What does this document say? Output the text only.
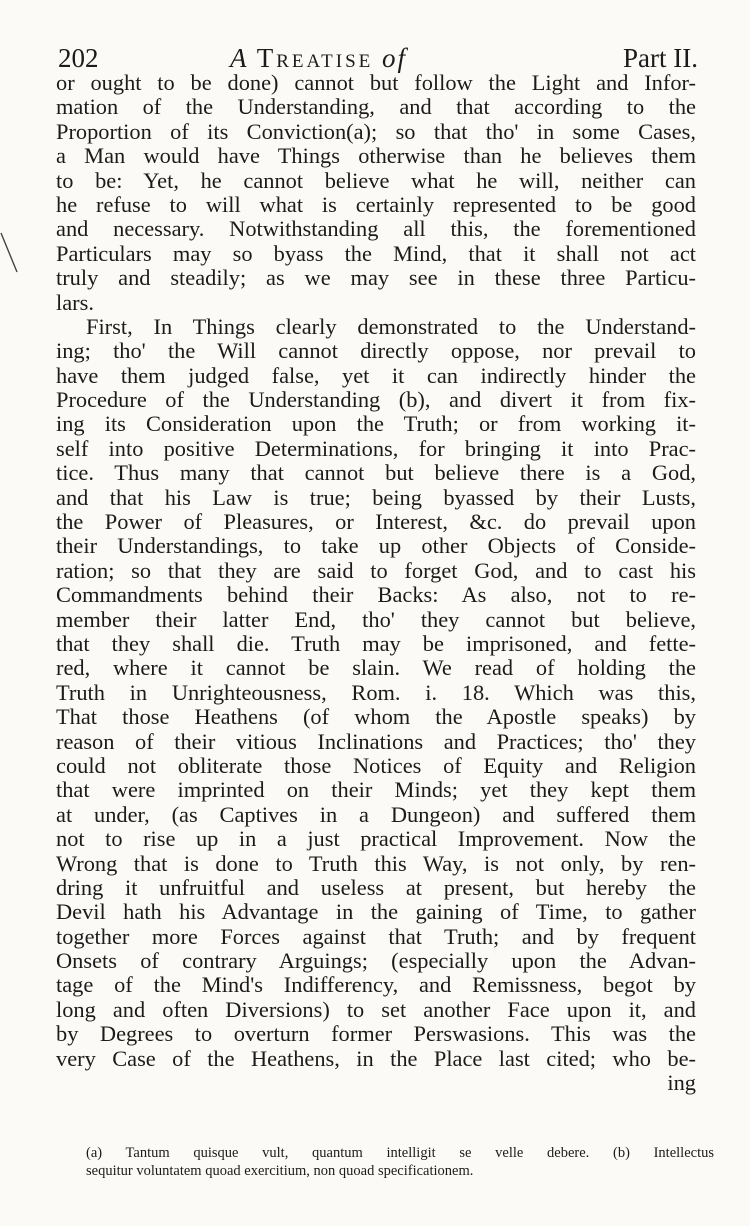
202	A Treatise of	Part II.
or ought to be done) cannot but follow the Light and Infor-
mation of the Understanding, and that according to the
Proportion of its Conviction(a); so that tho' in some Cases,
a Man would have Things otherwise than he believes them
to be: Yet, he cannot believe what he will, neither can
he refuse to will what is certainly represented to be good
and necessary. Notwithstanding all this, the forementioned
Particulars may so byass the Mind, that it shall not act
truly and steadily; as we may see in these three Particu-
lars.
First, In Things clearly demonstrated to the Understand-
ing; tho' the Will cannot directly oppose, nor prevail to
have them judged false, yet it can indirectly hinder the
Procedure of the Understanding (b), and divert it from fix-
ing its Consideration upon the Truth; or from working it-
self into positive Determinations, for bringing it into Prac-
tice. Thus many that cannot but believe there is a God,
and that his Law is true; being byassed by their Lusts,
the Power of Pleasures, or Interest, &c. do prevail upon
their Understandings, to take up other Objects of Conside-
ration; so that they are said to forget God, and to cast his
Commandments behind their Backs: As also, not to re-
member their latter End, tho' they cannot but believe,
that they shall die. Truth may be imprisoned, and fette-
red, where it cannot be slain. We read of holding the
Truth in Unrighteousness, Rom. i. 18. Which was this,
That those Heathens (of whom the Apostle speaks) by
reason of their vitious Inclinations and Practices; tho' they
could not obliterate those Notices of Equity and Religion
that were imprinted on their Minds; yet they kept them
at under, (as Captives in a Dungeon) and suffered them
not to rise up in a just practical Improvement. Now the
Wrong that is done to Truth this Way, is not only, by ren-
dring it unfruitful and useless at present, but hereby the
Devil hath his Advantage in the gaining of Time, to gather
together more Forces against that Truth; and by frequent
Onsets of contrary Arguings; (especially upon the Advan-
tage of the Mind's Indifferency, and Remissness, begot by
long and often Diversions) to set another Face upon it, and
by Degrees to overturn former Perswasions. This was the
very Case of the Heathens, in the Place last cited; who be-
ing
(a) Tantum quisque vult, quantum intelligit se velle debere. (b) Intellectus
sequitur voluntatem quoad exercitium, non quoad specificationem.
